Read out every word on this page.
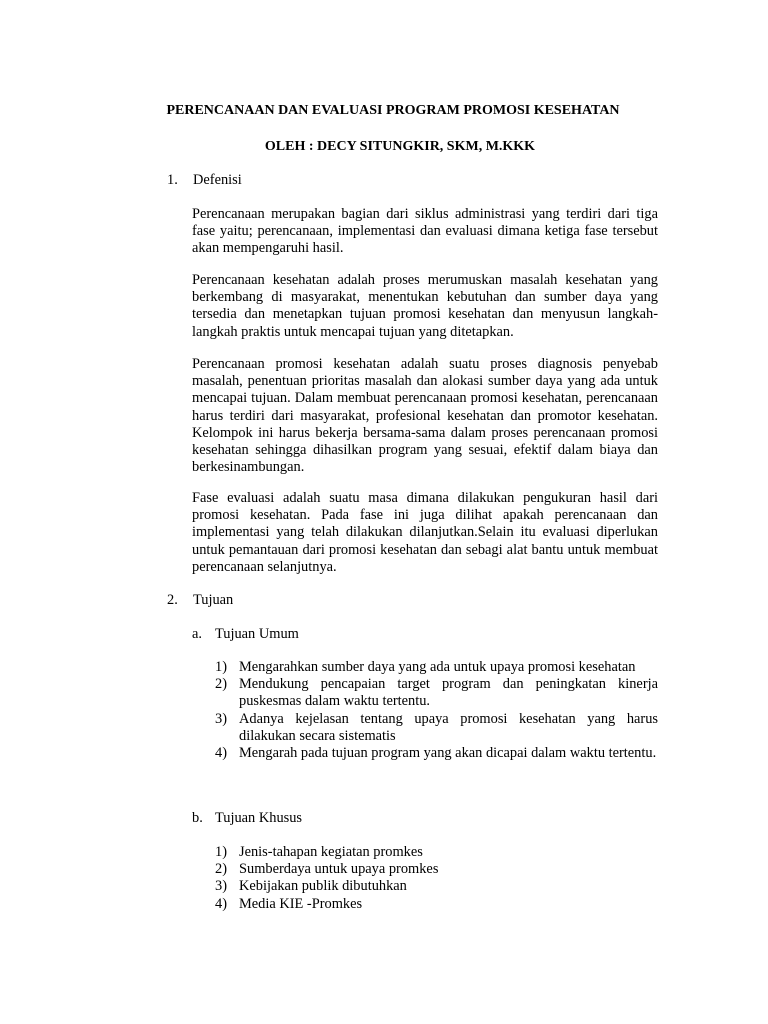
PERENCANAAN DAN EVALUASI PROGRAM PROMOSI KESEHATAN
OLEH : DECY SITUNGKIR, SKM, M.KKK
1. Defenisi

Perencanaan merupakan bagian dari siklus administrasi yang terdiri dari tiga fase yaitu; perencanaan, implementasi dan evaluasi dimana ketiga fase tersebut akan mempengaruhi hasil.

Perencanaan kesehatan adalah proses merumuskan masalah kesehatan yang berkembang di masyarakat, menentukan kebutuhan dan sumber daya yang tersedia dan menetapkan tujuan promosi kesehatan dan menyusun langkah-langkah praktis untuk mencapai tujuan yang ditetapkan.

Perencanaan promosi kesehatan adalah suatu proses diagnosis penyebab masalah, penentuan prioritas masalah dan alokasi sumber daya yang ada untuk mencapai tujuan. Dalam membuat perencanaan promosi kesehatan, perencanaan harus terdiri dari masyarakat, profesional kesehatan dan promotor kesehatan. Kelompok ini harus bekerja bersama-sama dalam proses perencanaan promosi kesehatan sehingga dihasilkan program yang sesuai, efektif dalam biaya dan berkesinambungan.

Fase evaluasi adalah suatu masa dimana dilakukan pengukuran hasil dari promosi kesehatan. Pada fase ini juga dilihat apakah perencanaan dan implementasi yang telah dilakukan dilanjutkan.Selain itu evaluasi diperlukan untuk pemantauan dari promosi kesehatan dan sebagi alat bantu untuk membuat perencanaan selanjutnya.

2. Tujuan
a. Tujuan Umum
1) Mengarahkan sumber daya yang ada untuk upaya promosi kesehatan
2) Mendukung pencapaian target program dan peningkatan kinerja puskesmas dalam waktu tertentu.
3) Adanya kejelasan tentang upaya promosi kesehatan yang harus dilakukan secara sistematis
4) Mengarah pada tujuan program yang akan dicapai dalam waktu tertentu.
b. Tujuan Khusus
1) Jenis-tahapan kegiatan promkes
2) Sumberdaya untuk upaya promkes
3) Kebijakan publik dibutuhkan
4) Media KIE -Promkes
